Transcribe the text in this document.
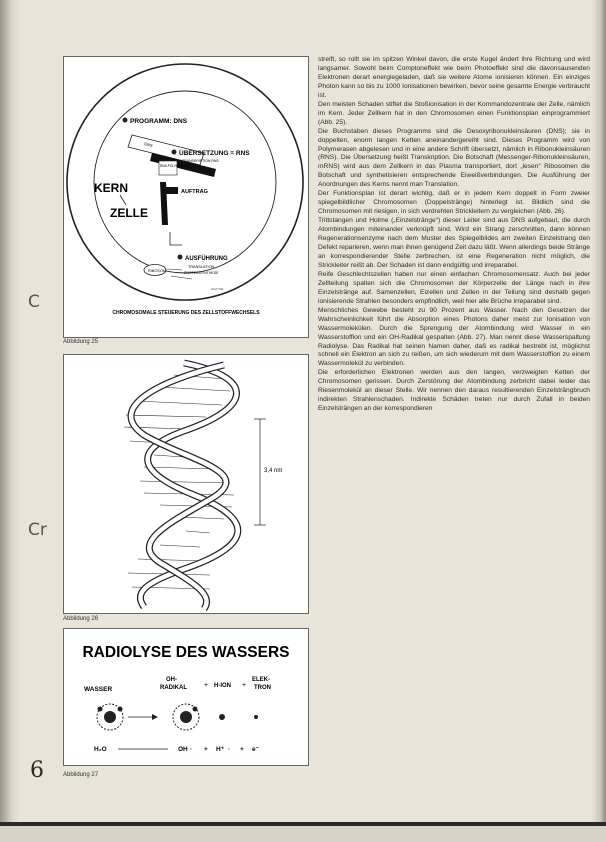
C
Cr
PROGRAMM: DNS
DNS
ÜBERSETZUNG = RNS
TRANSKRIPTION RNS
RNA-POLYMERASE
KERN
ZELLE
AUFTRAG
AUSFÜHRUNG
TRANSLATION
PROTEINSYNTHESE
RIBOSOM
ENZYME
CHROMOSOMALE STEUERUNG DES ZELLSTOFFWECHSELS
Abbildung 25
3,4 nm
Abbildung 26
RADIOLYSE DES WASSERS
WASSER
OH-
RADIKAL + H-ION +
ELEK-
TRON
H₂O	OH · + H⁺ · + e⁻
Abbildung 27
6

streift, so rollt sie im spitzen Winkel davon, die erste Kugel ändert ihre Richtung und wird langsamer. Sowohl beim Comptoneffekt wie beim Photoeffekt sind die davonsausenden Elektronen derart energiegeladen, daß sie weitere Atome ionisieren können. Ein einziges Photon kann so bis zu 1000 Ionisationen bewirken, bevor seine gesamte Energie verbraucht ist.

Den meisten Schaden stiftet die Stoßionisation in der Kommandozentrale der Zelle, nämlich im Kern. Jeder Zellkern hat in den Chromosomen einen Funktionsplan einprogrammiert (Abb. 25).

Die Buchstaben dieses Programms sind die Desoxyribonukleinsäuren (DNS); sie in doppelten, enorm langen Ketten aneinandergereiht sind. Dieses Programm wird von Polymerasen abgelesen und in eine andere Schrift übersetzt, nämlich in Ribonukleinsäuren (RNS). Die Übersetzung heißt Transkription. Die Botschaft (Messenger-Ribonukleinsäuren, mRNS) wird aus dem Zellkern in das Plasma transportiert, dort „lesen“ Ribosomen die Botschaft und synthetisieren entsprechende Eiweißverbindungen. Die Ausführung der Anordnungen des Kerns nennt man Translation.

Der Funktionsplan ist derart wichtig, daß er in jedem Kern doppelt in Form zweier spiegelbildlicher Chromosomen (Doppelstränge) hinterlegt ist. Bildlich sind die Chromosomen mit riesigen, in sich verdrehten Strickleitern zu vergleichen (Abb. 26).

Trittstangen und Holme („Einzelstränge“) dieser Leiter sind aus DNS aufgebaut, die durch Atombindungen miteinander verknüpft sind. Wird ein Strang zerschnitten, dann können Regenerationsenzyme nach dem Muster des Spiegelbildes am zweiten Einzelstrang den Defekt reparieren, wenn man ihnen genügend Zeit dazu läßt. Wenn allerdings beide Stränge an korrespondierender Stelle zerbrechen, ist eine Regeneration nicht möglich, die Strickleiter reißt ab. Der Schaden ist dann endgültig und irreparabel.

Reife Geschlechtszellen haben nur einen einfachen Chromosomensatz. Auch bei jeder Zellteilung spalten sich die Chromosomen der Körperzelle der Länge nach in ihre Einzelstränge auf. Samenzellen, Eizellen und Zellen in der Teilung sind deshalb gegen ionisierende Strahlen besonders empfindlich, weil hier alle Brüche irreparabel sind.

Menschliches Gewebe besteht zu 90 Prozent aus Wasser. Nach den Gesetzen der Wahrscheinlichkeit führt die Absorption eines Photons daher meist zur Ionisation von Wassermolekülen. Durch die Sprengung der Atombindung wird Wasser in ein Wasserstoffion und ein OH-Radikal gespalten (Abb. 27). Man nennt diese Wasserspaltung Radiolyse. Das Radikal hat seinen Namen daher, daß es radikal bestrebt ist, möglichst schnell ein Elektron an sich zu reißen, um sich wiederum mit dem Wasserstoffion zu einem Wassermolekül zu verbinden.

Die erforderlichen Elektronen werden aus den langen, verzweigten Ketten der Chromosomen gerissen. Durch Zerstörung der Atombindung zerbricht dabei leider das Riesenmolekül an dieser Stelle. Wir nennen den daraus resultierenden Einzelsträngbruch indirekten Strahlenschaden. Indirekte Schäden treten nur durch Zufall in beiden Einzelsträngen an der korrespondieren
